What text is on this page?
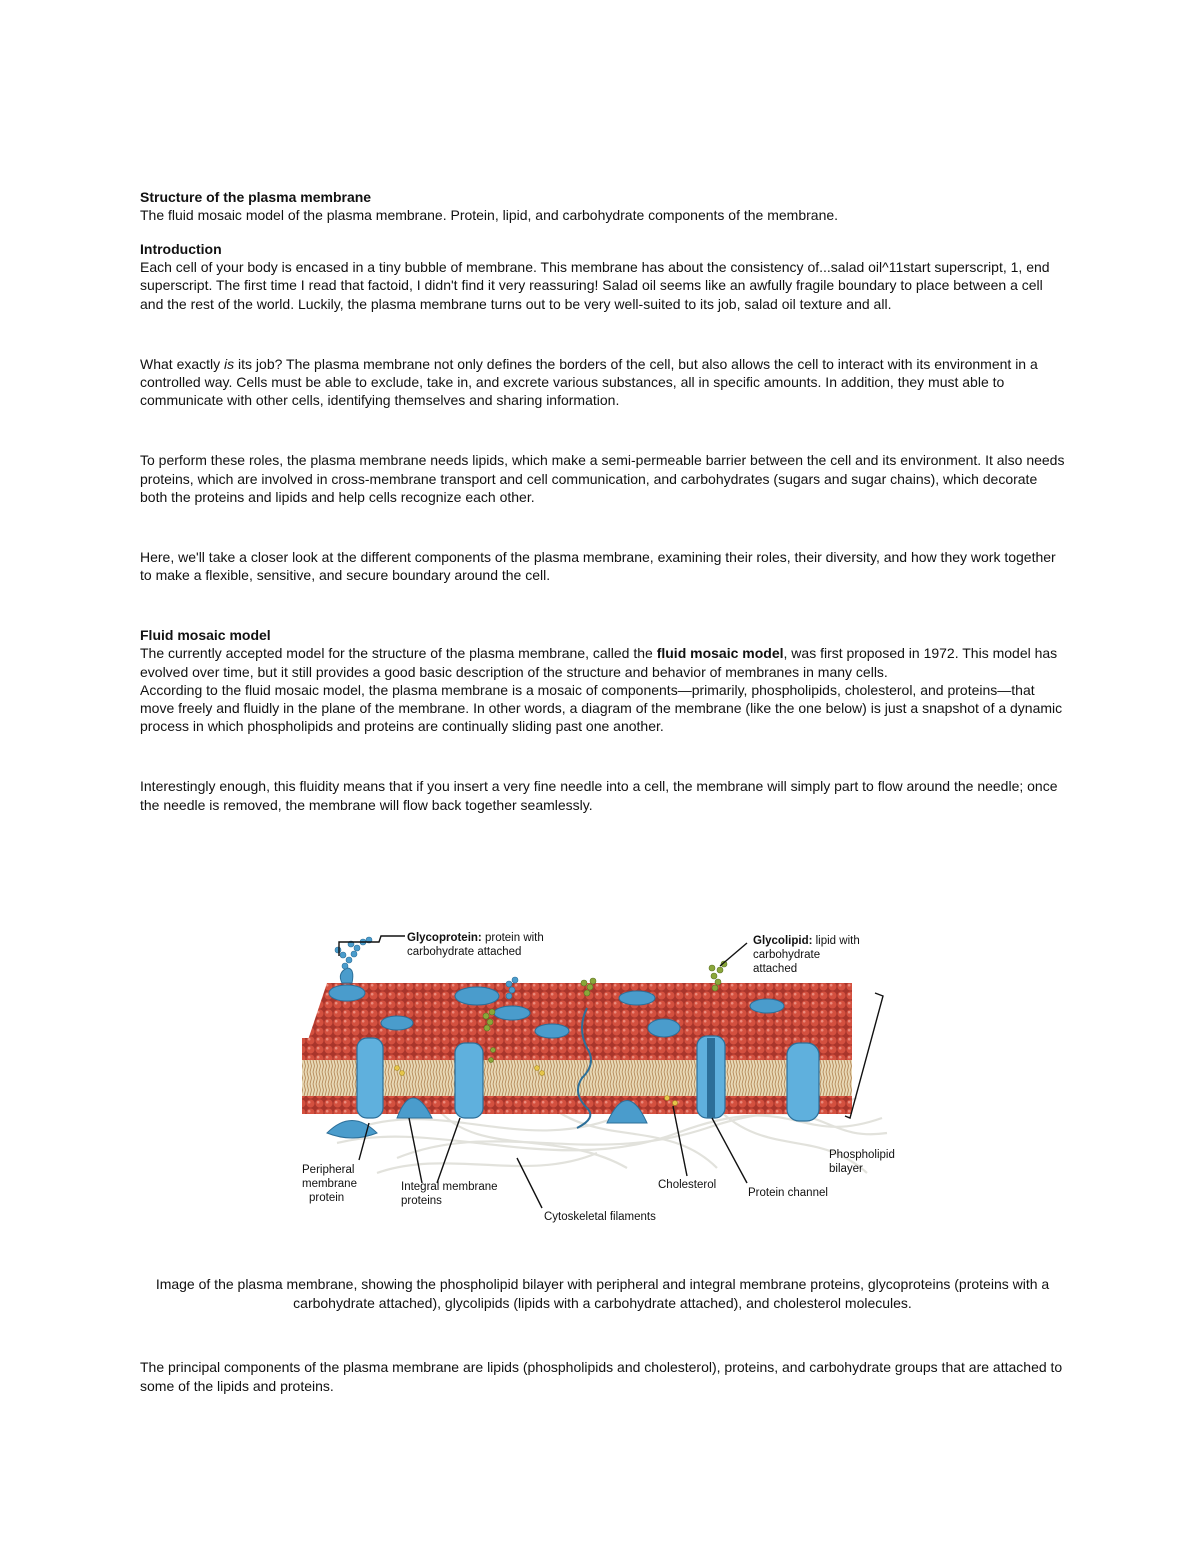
Structure of the plasma membrane

The fluid mosaic model of the plasma membrane. Protein, lipid, and carbohydrate components of the membrane.

Introduction

Each cell of your body is encased in a tiny bubble of membrane. This membrane has about the consistency of...salad oil^11start superscript, 1, end superscript. The first time I read that factoid, I didn't find it very reassuring! Salad oil seems like an awfully fragile boundary to place between a cell and the rest of the world. Luckily, the plasma membrane turns out to be very well-suited to its job, salad oil texture and all.

What exactly is its job? The plasma membrane not only defines the borders of the cell, but also allows the cell to interact with its environment in a controlled way. Cells must be able to exclude, take in, and excrete various substances, all in specific amounts. In addition, they must able to communicate with other cells, identifying themselves and sharing information.

To perform these roles, the plasma membrane needs lipids, which make a semi-permeable barrier between the cell and its environment. It also needs proteins, which are involved in cross-membrane transport and cell communication, and carbohydrates (sugars and sugar chains), which decorate both the proteins and lipids and help cells recognize each other.

Here, we'll take a closer look at the different components of the plasma membrane, examining their roles, their diversity, and how they work together to make a flexible, sensitive, and secure boundary around the cell.

Fluid mosaic model

The currently accepted model for the structure of the plasma membrane, called the fluid mosaic model, was first proposed in 1972. This model has evolved over time, but it still provides a good basic description of the structure and behavior of membranes in many cells.

According to the fluid mosaic model, the plasma membrane is a mosaic of components—primarily, phospholipids, cholesterol, and proteins—that move freely and fluidly in the plane of the membrane. In other words, a diagram of the membrane (like the one below) is just a snapshot of a dynamic process in which phospholipids and proteins are continually sliding past one another.

Interestingly enough, this fluidity means that if you insert a very fine needle into a cell, the membrane will simply part to flow around the needle; once the needle is removed, the membrane will flow back together seamlessly.

Glycoprotein: protein with
carbohydrate attached
Glycolipid: lipid with
carbohydrate
attached
Peripheral
membrane
protein
Integral membrane
proteins
Cytoskeletal filaments
Cholesterol
Protein channel
Phospholipid
bilayer

Image of the plasma membrane, showing the phospholipid bilayer with peripheral and integral membrane proteins, glycoproteins (proteins with a carbohydrate attached), glycolipids (lipids with a carbohydrate attached), and cholesterol molecules.

The principal components of the plasma membrane are lipids (phospholipids and cholesterol), proteins, and carbohydrate groups that are attached to some of the lipids and proteins.
